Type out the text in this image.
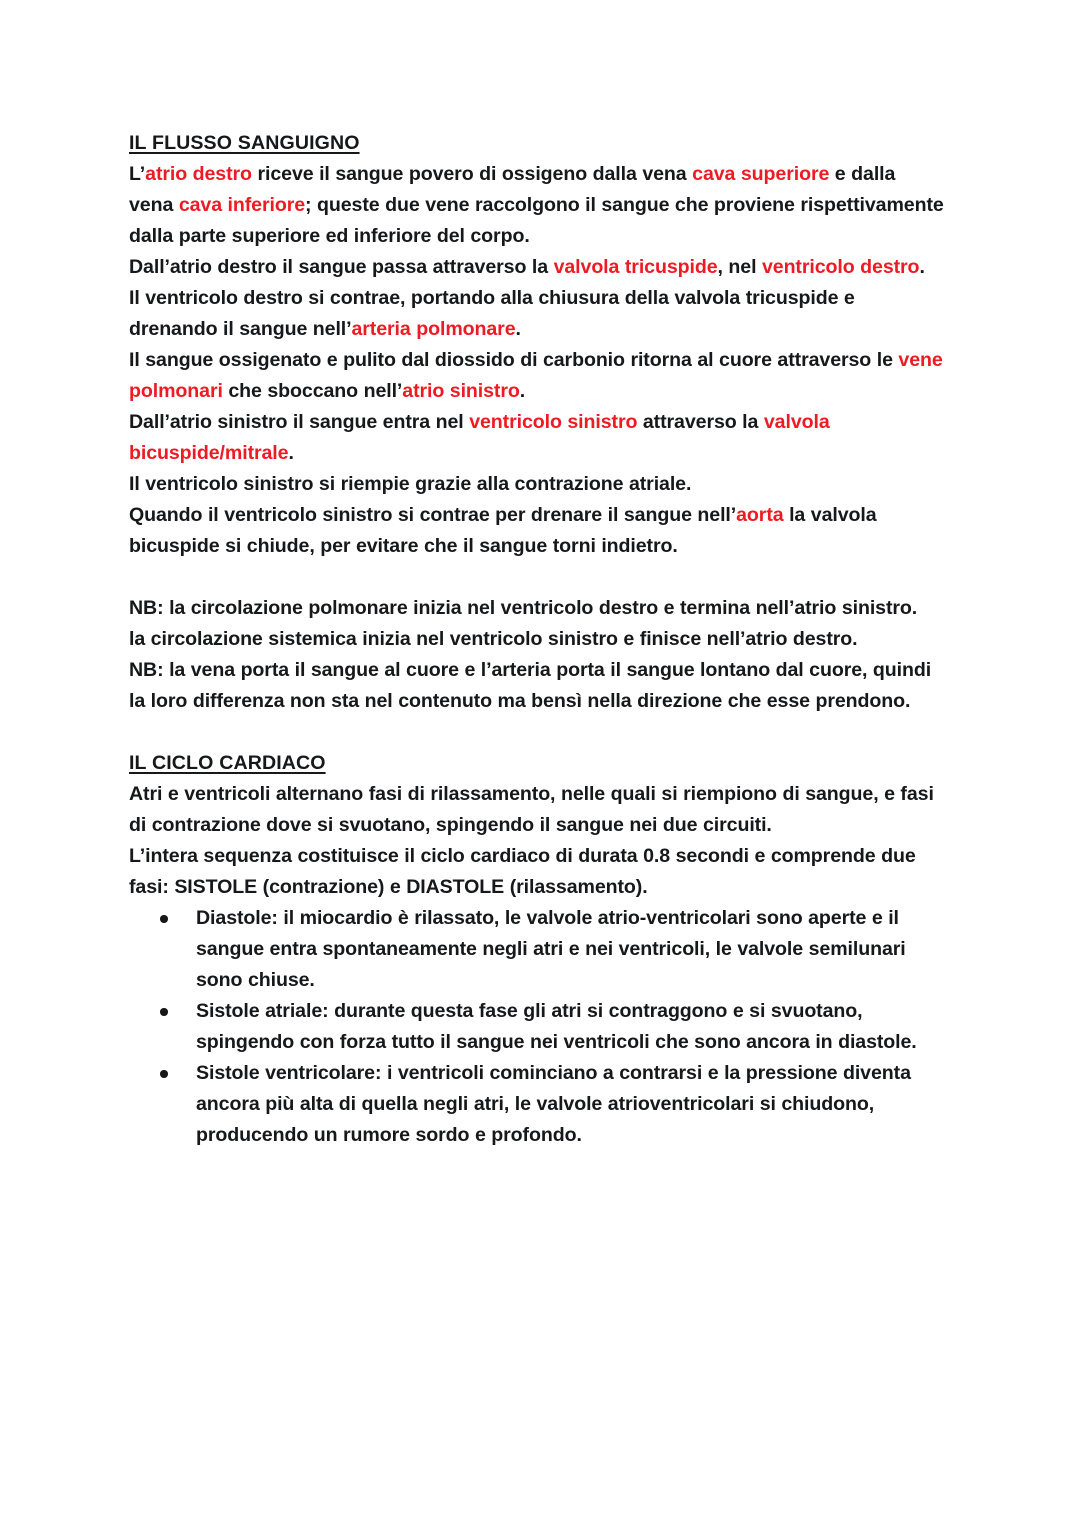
IL FLUSSO SANGUIGNO

L’atrio destro riceve il sangue povero di ossigeno dalla vena cava superiore e dalla vena cava inferiore; queste due vene raccolgono il sangue che proviene rispettivamente dalla parte superiore ed inferiore del corpo.

Dall’atrio destro il sangue passa attraverso la valvola tricuspide, nel ventricolo destro.

Il ventricolo destro si contrae, portando alla chiusura della valvola tricuspide e drenando il sangue nell’arteria polmonare.

Il sangue ossigenato e pulito dal diossido di carbonio ritorna al cuore attraverso le vene polmonari che sboccano nell’atrio sinistro.

Dall’atrio sinistro il sangue entra nel ventricolo sinistro attraverso la valvola bicuspide/mitrale.

Il ventricolo sinistro si riempie grazie alla contrazione atriale.

Quando il ventricolo sinistro si contrae per drenare il sangue nell’aorta la valvola bicuspide si chiude, per evitare che il sangue torni indietro.

NB: la circolazione polmonare inizia nel ventricolo destro e termina nell’atrio sinistro.

la circolazione sistemica inizia nel ventricolo sinistro e finisce nell’atrio destro.

NB: la vena porta il sangue al cuore e l’arteria porta il sangue lontano dal cuore, quindi la loro differenza non sta nel contenuto ma bensì nella direzione che esse prendono.

IL CICLO CARDIACO

Atri e ventricoli alternano fasi di rilassamento, nelle quali si riempiono di sangue, e fasi di contrazione dove si svuotano, spingendo il sangue nei due circuiti.

L’intera sequenza costituisce il ciclo cardiaco di durata 0.8 secondi e comprende due fasi: SISTOLE (contrazione) e DIASTOLE (rilassamento).

Diastole: il miocardio è rilassato, le valvole atrio-ventricolari sono aperte e il sangue entra spontaneamente negli atri e nei ventricoli, le valvole semilunari sono chiuse.
Sistole atriale: durante questa fase gli atri si contraggono e si svuotano, spingendo con forza tutto il sangue nei ventricoli che sono ancora in diastole.
Sistole ventricolare: i ventricoli cominciano a contrarsi e la pressione diventa ancora più alta di quella negli atri, le valvole atrioventricolari si chiudono, producendo un rumore sordo e profondo.
